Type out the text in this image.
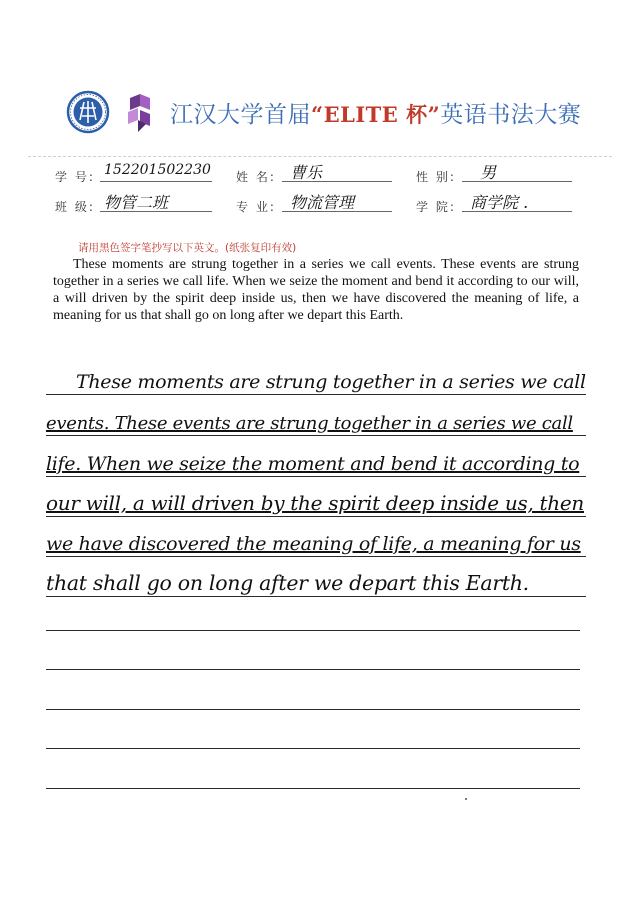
江汉大学首届“ELITE 杯”英语书法大赛
学 号: 152201502230 姓 名: 曹乐	性 别: 男
班 级: 物管二班	专 业: 物流管理	学 院: 商学院 .
请用黑色签字笔抄写以下英文。(纸张复印有效)

These moments are strung together in a series we call events. These events are strung together in a series we call life. When we seize the moment and bend it according to our will, a will driven by the spirit deep inside us, then we have discovered the meaning of life, a meaning for us that shall go on long after we depart this Earth.

These moments are strung together in a series we call
events. These events are strung together in a series we call
life. When we seize the moment and bend it according to
our will, a will driven by the spirit deep inside us, then
we have discovered the meaning of life, a meaning for us
that shall go on long after we depart this Earth.
